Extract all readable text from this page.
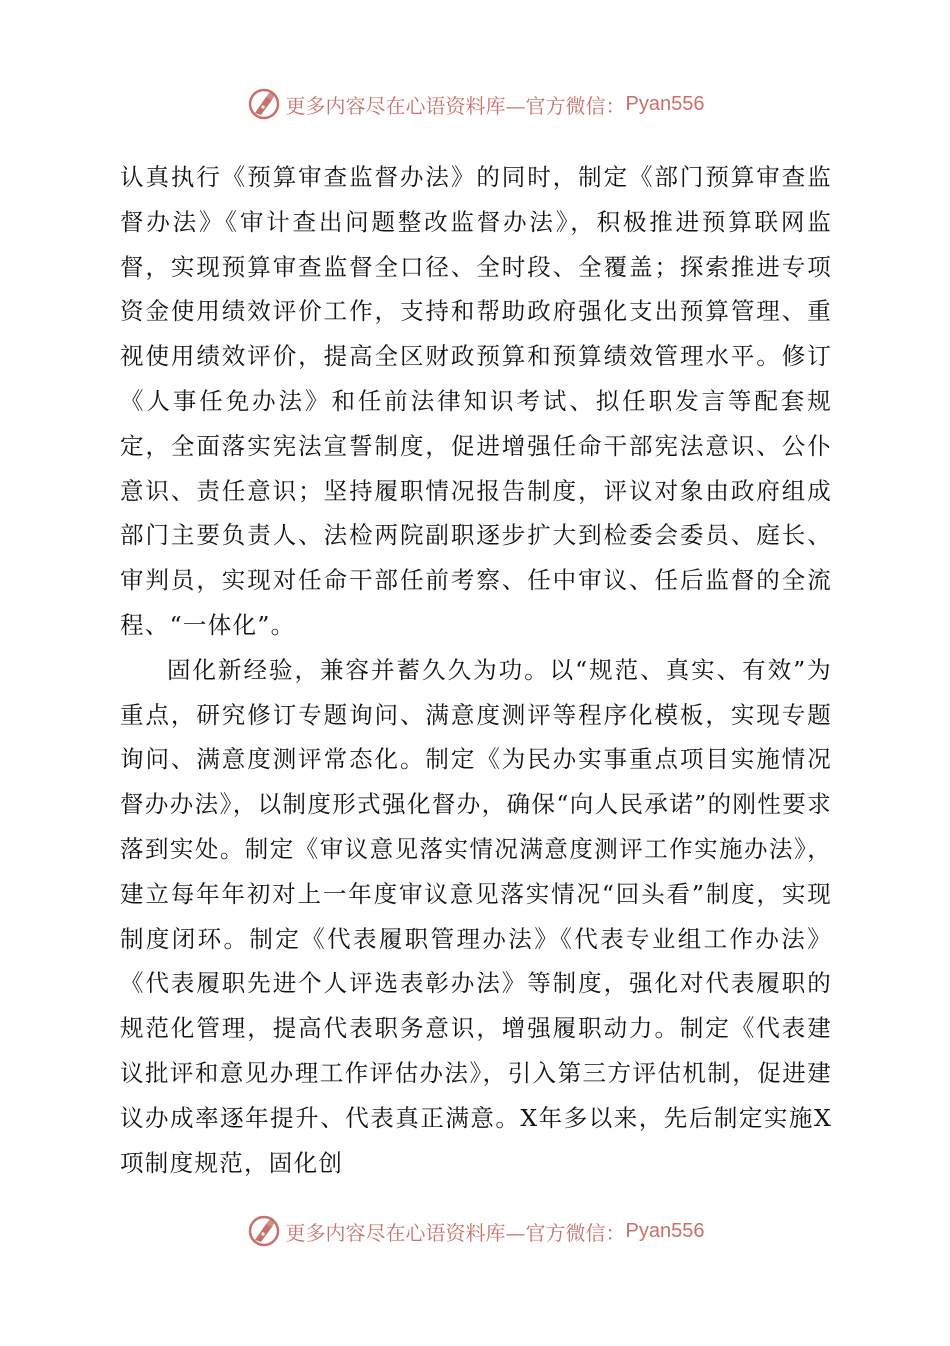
更多内容尽在心语资料库—官方微信： Pyan556

认真执行《预算审查监督办法》的同时，制定《部门预算审查监督办法》《审计查出问题整改监督办法》，积极推进预算联网监督，实现预算审查监督全口径、全时段、全覆盖；探索推进专项资金使用绩效评价工作，支持和帮助政府强化支出预算管理、重视使用绩效评价，提高全区财政预算和预算绩效管理水平。修订《人事任免办法》和任前法律知识考试、拟任职发言等配套规定，全面落实宪法宣誓制度，促进增强任命干部宪法意识、公仆意识、责任意识；坚持履职情况报告制度，评议对象由政府组成部门主要负责人、法检两院副职逐步扩大到检委会委员、庭长、审判员，实现对任命干部任前考察、任中审议、任后监督的全流程、“一体化”。

固化新经验，兼容并蓄久久为功。以“规范、真实、有效”为重点，研究修订专题询问、满意度测评等程序化模板，实现专题询问、满意度测评常态化。制定《为民办实事重点项目实施情况督办办法》，以制度形式强化督办，确保“向人民承诺”的刚性要求落到实处。制定《审议意见落实情况满意度测评工作实施办法》，建立每年年初对上一年度审议意见落实情况“回头看”制度，实现制度闭环。制定《代表履职管理办法》《代表专业组工作办法》《代表履职先进个人评选表彰办法》等制度，强化对代表履职的规范化管理，提高代表职务意识，增强履职动力。制定《代表建议批评和意见办理工作评估办法》，引入第三方评估机制，促进建议办成率逐年提升、代表真正满意。X年多以来，先后制定实施X项制度规范，固化创

更多内容尽在心语资料库—官方微信： Pyan556
